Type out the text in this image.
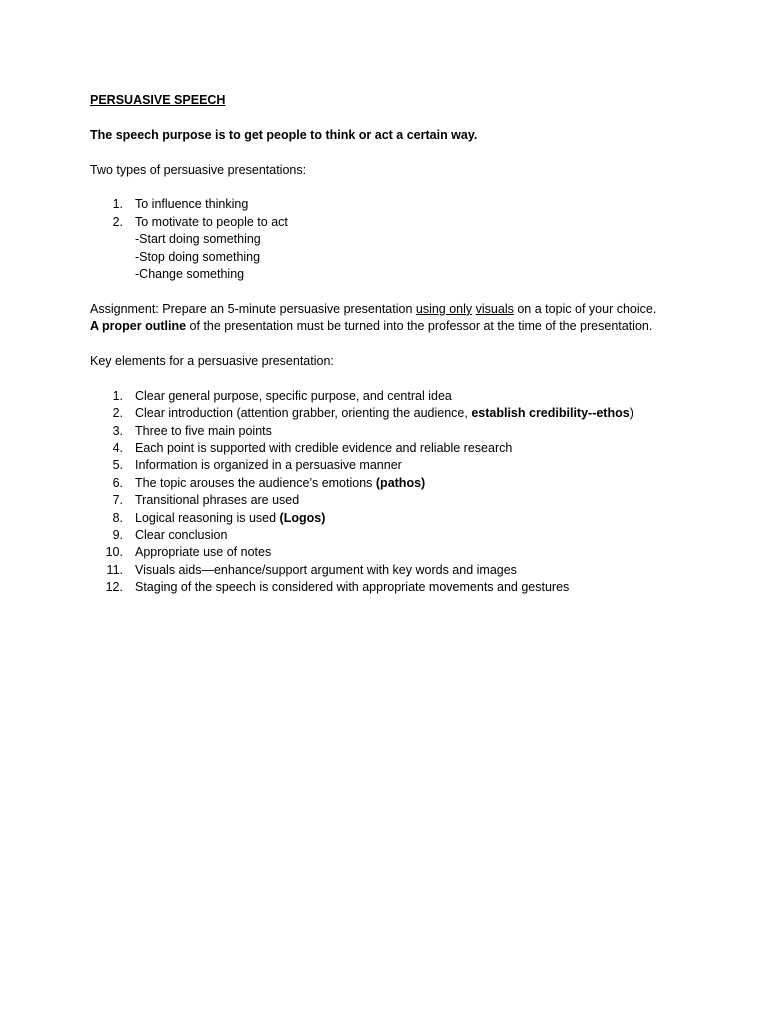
PERSUASIVE SPEECH
The speech purpose is to get people to think or act a certain way.
Two types of persuasive presentations:
1. To influence thinking
2. To motivate to people to act
-Start doing something
-Stop doing something
-Change something
Assignment: Prepare an 5-minute persuasive presentation using only visuals on a topic of your choice.
A proper outline of the presentation must be turned into the professor at the time of the presentation.
Key elements for a persuasive presentation:
1. Clear general purpose, specific purpose, and central idea
2. Clear introduction (attention grabber, orienting the audience, establish credibility--ethos)
3. Three to five main points
4. Each point is supported with credible evidence and reliable research
5. Information is organized in a persuasive manner
6. The topic arouses the audience’s emotions (pathos)
7. Transitional phrases are used
8. Logical reasoning is used (Logos)
9. Clear conclusion
10. Appropriate use of notes
11. Visuals aids—enhance/support argument with key words and images
12. Staging of the speech is considered with appropriate movements and gestures
